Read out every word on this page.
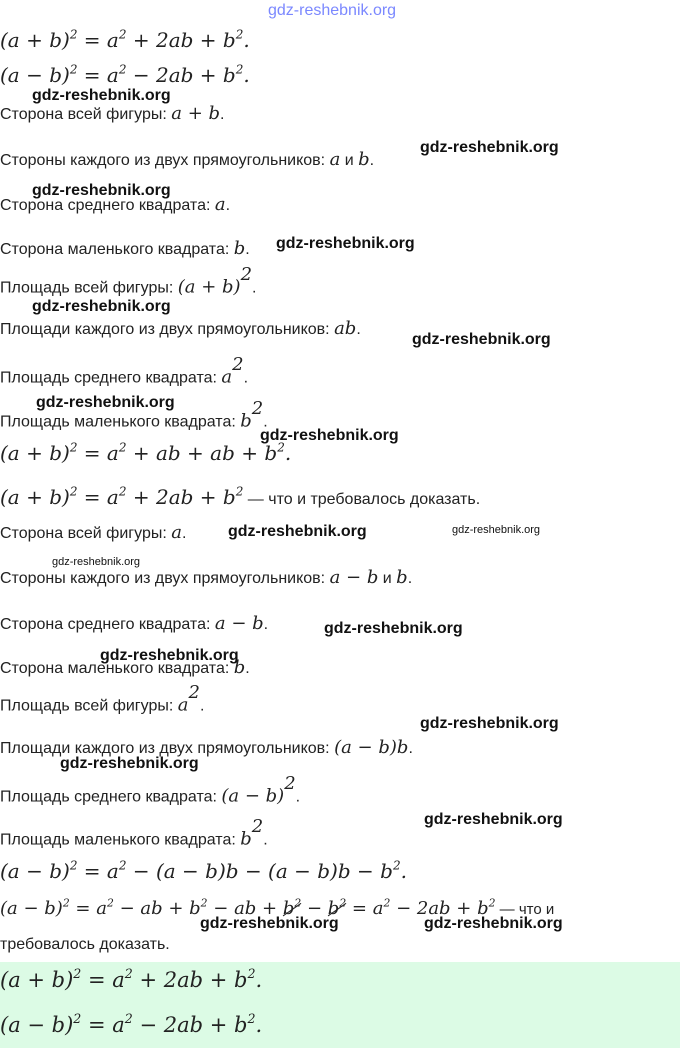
gdz-reshebnik.org
$(a + b)^2 = a^2 + 2ab + b^2$.
$(a - b)^2 = a^2 - 2ab + b^2$.
Сторона всей фигуры: a + b.
Стороны каждого из двух прямоугольников: a и b.
Сторона среднего квадрата: a.
Сторона маленького квадрата: b.
Площадь всей фигуры: $(a + b)^2$.
Площади каждого из двух прямоугольников: ab.
Площадь среднего квадрата: $a^2$.
Площадь маленького квадрата: $b^2$.
$(a + b)^2 = a^2$ + ab + ab + $b^2$.
$(a + b)^2 = a^2 + 2ab + b^2$ — что и требовалось доказать.
Сторона всей фигуры: a.
Стороны каждого из двух прямоугольников: a − b и b.
Сторона среднего квадрата: a − b.
Сторона маленького квадрата: b.
Площадь всей фигуры: $a^2$.
Площади каждого из двух прямоугольников: (a − b)b.
Площадь среднего квадрата: $(a - b)^2$.
Площадь маленького квадрата: $b^2$.
$(a - b)^2 = a^2 - (a - b)b - (a - b)b - b^2$.
$(a - b)^2 = a^2$ − ab + $b^2$ − ab + $b^2 - b^2 = a^2 - 2ab + b^2$ — что и
требовалось доказать.
$(a + b)^2 = a^2 + 2ab + b^2$.
$(a - b)^2 = a^2 - 2ab + b^2$.
gdz-reshebnik.org
gdz-reshebnik.org
gdz-reshebnik.org
gdz-reshebnik.org
gdz-reshebnik.org
gdz-reshebnik.org
gdz-reshebnik.org
gdz-reshebnik.org
gdz-reshebnik.org	gdz-reshebnik.org
gdz-reshebnik.org
gdz-reshebnik.org
gdz-reshebnik.org
gdz-reshebnik.org
gdz-reshebnik.org
gdz-reshebnik.org
gdz-reshebnik.org	gdz-reshebnik.org
